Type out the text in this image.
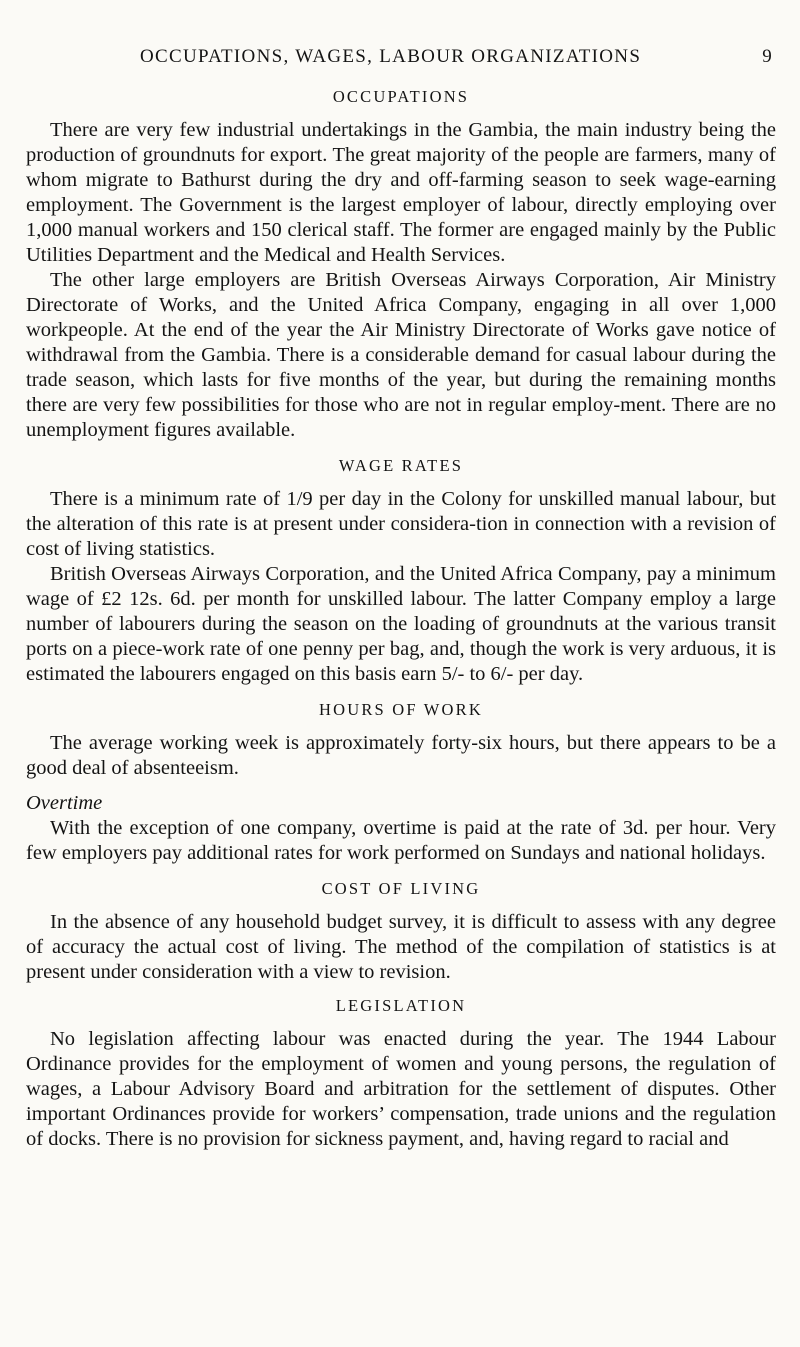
OCCUPATIONS, WAGES, LABOUR ORGANIZATIONS	9
OCCUPATIONS

There are very few industrial undertakings in the Gambia, the main industry being the production of groundnuts for export. The great majority of the people are farmers, many of whom migrate to Bathurst during the dry and off-farming season to seek wage-earning employment. The Government is the largest employer of labour, directly employing over 1,000 manual workers and 150 clerical staff. The former are engaged mainly by the Public Utilities Department and the Medical and Health Services.

The other large employers are British Overseas Airways Corporation, Air Ministry Directorate of Works, and the United Africa Company, engaging in all over 1,000 workpeople. At the end of the year the Air Ministry Directorate of Works gave notice of withdrawal from the Gambia. There is a considerable demand for casual labour during the trade season, which lasts for five months of the year, but during the remaining months there are very few possibilities for those who are not in regular employ-ment. There are no unemployment figures available.

WAGE RATES

There is a minimum rate of 1/9 per day in the Colony for unskilled manual labour, but the alteration of this rate is at present under considera-tion in connection with a revision of cost of living statistics.

British Overseas Airways Corporation, and the United Africa Company, pay a minimum wage of £2 12s. 6d. per month for unskilled labour. The latter Company employ a large number of labourers during the season on the loading of groundnuts at the various transit ports on a piece-work rate of one penny per bag, and, though the work is very arduous, it is estimated the labourers engaged on this basis earn 5/- to 6/- per day.

HOURS OF WORK

The average working week is approximately forty-six hours, but there appears to be a good deal of absenteeism.

Overtime

With the exception of one company, overtime is paid at the rate of 3d. per hour. Very few employers pay additional rates for work performed on Sundays and national holidays.

COST OF LIVING

In the absence of any household budget survey, it is difficult to assess with any degree of accuracy the actual cost of living. The method of the compilation of statistics is at present under consideration with a view to revision.

LEGISLATION

No legislation affecting labour was enacted during the year. The 1944 Labour Ordinance provides for the employment of women and young persons, the regulation of wages, a Labour Advisory Board and arbitration for the settlement of disputes. Other important Ordinances provide for workers’ compensation, trade unions and the regulation of docks. There is no provision for sickness payment, and, having regard to racial and
